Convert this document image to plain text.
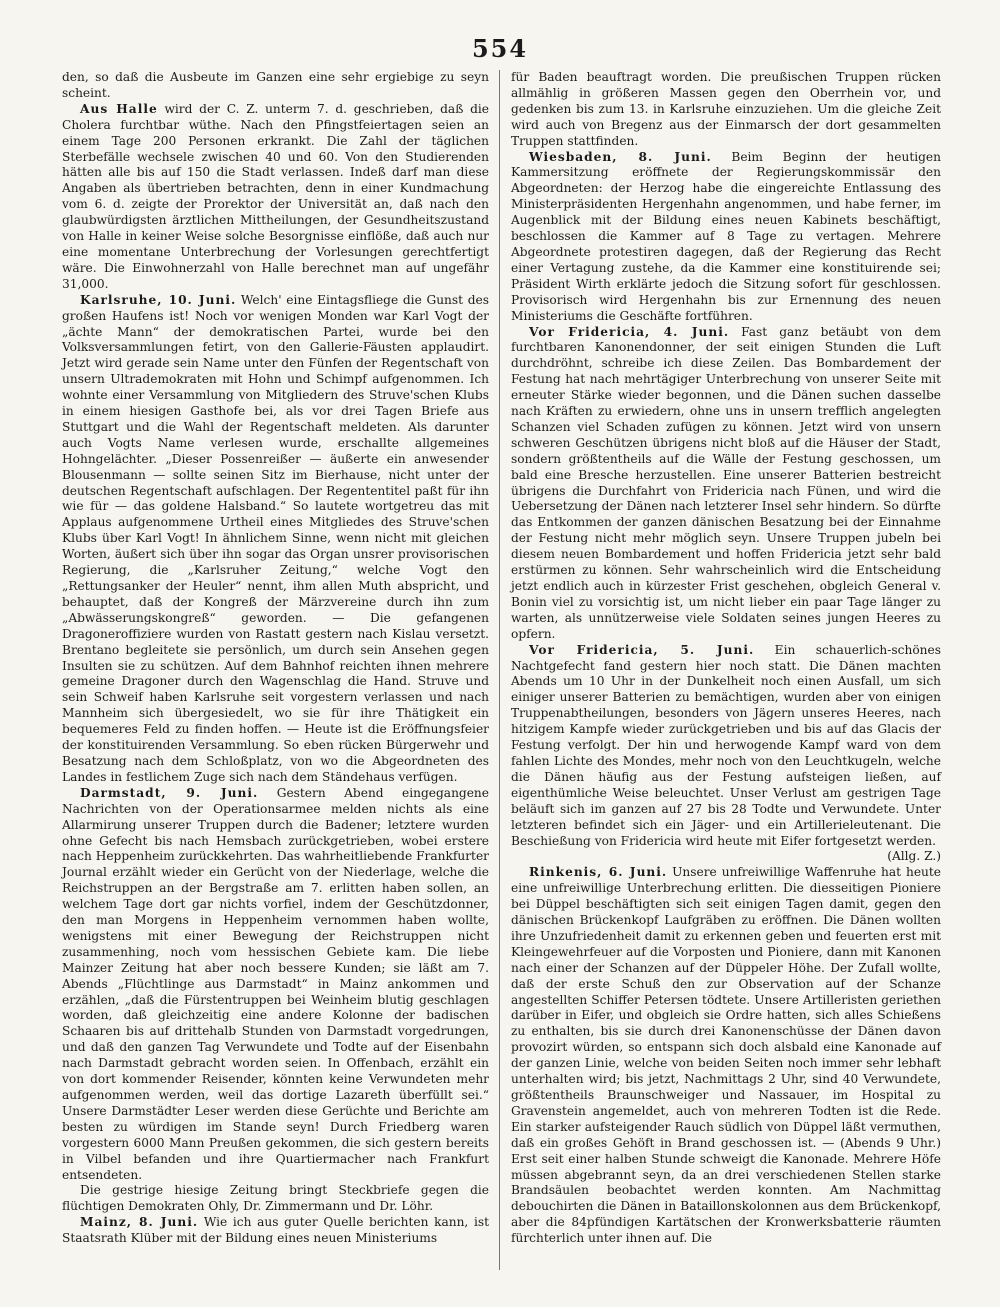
554

den, so daß die Ausbeute im Ganzen eine sehr ergiebige zu seyn scheint.

Aus Halle wird der C. Z. unterm 7. d. geschrieben, daß die Cholera furchtbar wüthe. Nach den Pfingstfeiertagen seien an einem Tage 200 Personen erkrankt. Die Zahl der täglichen Sterbefälle wechsele zwischen 40 und 60. Von den Studierenden hätten alle bis auf 150 die Stadt verlassen. Indeß darf man diese Angaben als übertrieben betrachten, denn in einer Kundmachung vom 6. d. zeigte der Prorektor der Universität an, daß nach den glaubwürdigsten ärztlichen Mittheilungen, der Gesundheitszustand von Halle in keiner Weise solche Besorgnisse einflöße, daß auch nur eine momentane Unterbrechung der Vorlesungen gerechtfertigt wäre. Die Einwohnerzahl von Halle berechnet man auf ungefähr 31,000.

Karlsruhe, 10. Juni. Welch' eine Eintagsfliege die Gunst des großen Haufens ist! Noch vor wenigen Monden war Karl Vogt der „ächte Mann“ der demokratischen Partei, wurde bei den Volksversammlungen fetirt, von den Gallerie-Fäusten applaudirt. Jetzt wird gerade sein Name unter den Fünfen der Regentschaft von unsern Ultrademokraten mit Hohn und Schimpf aufgenommen. Ich wohnte einer Versammlung von Mitgliedern des Struve'schen Klubs in einem hiesigen Gasthofe bei, als vor drei Tagen Briefe aus Stuttgart und die Wahl der Regentschaft meldeten. Als darunter auch Vogts Name verlesen wurde, erschallte allgemeines Hohngelächter. „Dieser Possenreißer — äußerte ein anwesender Blousenmann — sollte seinen Sitz im Bierhause, nicht unter der deutschen Regentschaft aufschlagen. Der Regententitel paßt für ihn wie für — das goldene Halsband.“ So lautete wortgetreu das mit Applaus aufgenommene Urtheil eines Mitgliedes des Struve'schen Klubs über Karl Vogt! In ähnlichem Sinne, wenn nicht mit gleichen Worten, äußert sich über ihn sogar das Organ unsrer provisorischen Regierung, die „Karlsruher Zeitung,“ welche Vogt den „Rettungsanker der Heuler“ nennt, ihm allen Muth abspricht, und behauptet, daß der Kongreß der Märzvereine durch ihn zum „Abwässerungskongreß“ geworden. — Die gefangenen Dragoneroffiziere wurden von Rastatt gestern nach Kislau versetzt. Brentano begleitete sie persönlich, um durch sein Ansehen gegen Insulten sie zu schützen. Auf dem Bahnhof reichten ihnen mehrere gemeine Dragoner durch den Wagenschlag die Hand. Struve und sein Schweif haben Karlsruhe seit vorgestern verlassen und nach Mannheim sich übergesiedelt, wo sie für ihre Thätigkeit ein bequemeres Feld zu finden hoffen. — Heute ist die Eröffnungsfeier der konstituirenden Versammlung. So eben rücken Bürgerwehr und Besatzung nach dem Schloßplatz, von wo die Abgeordneten des Landes in festlichem Zuge sich nach dem Ständehaus verfügen.

Darmstadt, 9. Juni. Gestern Abend eingegangene Nachrichten von der Operationsarmee melden nichts als eine Allarmirung unserer Truppen durch die Badener; letztere wurden ohne Gefecht bis nach Hemsbach zurückgetrieben, wobei erstere nach Heppenheim zurückkehrten. Das wahrheitliebende Frankfurter Journal erzählt wieder ein Gerücht von der Niederlage, welche die Reichstruppen an der Bergstraße am 7. erlitten haben sollen, an welchem Tage dort gar nichts vorfiel, indem der Geschützdonner, den man Morgens in Heppenheim vernommen haben wollte, wenigstens mit einer Bewegung der Reichstruppen nicht zusammenhing, noch vom hessischen Gebiete kam. Die liebe Mainzer Zeitung hat aber noch bessere Kunden; sie läßt am 7. Abends „Flüchtlinge aus Darmstadt“ in Mainz ankommen und erzählen, „daß die Fürstentruppen bei Weinheim blutig geschlagen worden, daß gleichzeitig eine andere Kolonne der badischen Schaaren bis auf drittehalb Stunden von Darmstadt vorgedrungen, und daß den ganzen Tag Verwundete und Todte auf der Eisenbahn nach Darmstadt gebracht worden seien. In Offenbach, erzählt ein von dort kommender Reisender, könnten keine Verwundeten mehr aufgenommen werden, weil das dortige Lazareth überfüllt sei.“ Unsere Darmstädter Leser werden diese Gerüchte und Berichte am besten zu würdigen im Stande seyn! Durch Friedberg waren vorgestern 6000 Mann Preußen gekommen, die sich gestern bereits in Vilbel befanden und ihre Quartiermacher nach Frankfurt entsendeten.

Die gestrige hiesige Zeitung bringt Steckbriefe gegen die flüchtigen Demokraten Ohly, Dr. Zimmermann und Dr. Löhr.

Mainz, 8. Juni. Wie ich aus guter Quelle berichten kann, ist Staatsrath Klüber mit der Bildung eines neuen Ministeriums

für Baden beauftragt worden. Die preußischen Truppen rücken allmählig in größeren Massen gegen den Oberrhein vor, und gedenken bis zum 13. in Karlsruhe einzuziehen. Um die gleiche Zeit wird auch von Bregenz aus der Einmarsch der dort gesammelten Truppen stattfinden.

Wiesbaden, 8. Juni. Beim Beginn der heutigen Kammersitzung eröffnete der Regierungskommissär den Abgeordneten: der Herzog habe die eingereichte Entlassung des Ministerpräsidenten Hergenhahn angenommen, und habe ferner, im Augenblick mit der Bildung eines neuen Kabinets beschäftigt, beschlossen die Kammer auf 8 Tage zu vertagen. Mehrere Abgeordnete protestiren dagegen, daß der Regierung das Recht einer Vertagung zustehe, da die Kammer eine konstituirende sei; Präsident Wirth erklärte jedoch die Sitzung sofort für geschlossen. Provisorisch wird Hergenhahn bis zur Ernennung des neuen Ministeriums die Geschäfte fortführen.

Vor Fridericia, 4. Juni. Fast ganz betäubt von dem furchtbaren Kanonendonner, der seit einigen Stunden die Luft durchdröhnt, schreibe ich diese Zeilen. Das Bombardement der Festung hat nach mehrtägiger Unterbrechung von unserer Seite mit erneuter Stärke wieder begonnen, und die Dänen suchen dasselbe nach Kräften zu erwiedern, ohne uns in unsern trefflich angelegten Schanzen viel Schaden zufügen zu können. Jetzt wird von unsern schweren Geschützen übrigens nicht bloß auf die Häuser der Stadt, sondern größtentheils auf die Wälle der Festung geschossen, um bald eine Bresche herzustellen. Eine unserer Batterien bestreicht übrigens die Durchfahrt von Fridericia nach Fünen, und wird die Uebersetzung der Dänen nach letzterer Insel sehr hindern. So dürfte das Entkommen der ganzen dänischen Besatzung bei der Einnahme der Festung nicht mehr möglich seyn. Unsere Truppen jubeln bei diesem neuen Bombardement und hoffen Fridericia jetzt sehr bald erstürmen zu können. Sehr wahrscheinlich wird die Entscheidung jetzt endlich auch in kürzester Frist geschehen, obgleich General v. Bonin viel zu vorsichtig ist, um nicht lieber ein paar Tage länger zu warten, als unnützerweise viele Soldaten seines jungen Heeres zu opfern.

Vor Fridericia, 5. Juni. Ein schauerlich-schönes Nachtgefecht fand gestern hier noch statt. Die Dänen machten Abends um 10 Uhr in der Dunkelheit noch einen Ausfall, um sich einiger unserer Batterien zu bemächtigen, wurden aber von einigen Truppenabtheilungen, besonders von Jägern unseres Heeres, nach hitzigem Kampfe wieder zurückgetrieben und bis auf das Glacis der Festung verfolgt. Der hin und herwogende Kampf ward von dem fahlen Lichte des Mondes, mehr noch von den Leuchtkugeln, welche die Dänen häufig aus der Festung aufsteigen ließen, auf eigenthümliche Weise beleuchtet. Unser Verlust am gestrigen Tage beläuft sich im ganzen auf 27 bis 28 Todte und Verwundete. Unter letzteren befindet sich ein Jäger- und ein Artillerieleutenant. Die Beschießung von Fridericia wird heute mit Eifer fortgesetzt werden.
(Allg. Z.)

Rinkenis, 6. Juni. Unsere unfreiwillige Waffenruhe hat heute eine unfreiwillige Unterbrechung erlitten. Die diesseitigen Pioniere bei Düppel beschäftigten sich seit einigen Tagen damit, gegen den dänischen Brückenkopf Laufgräben zu eröffnen. Die Dänen wollten ihre Unzufriedenheit damit zu erkennen geben und feuerten erst mit Kleingewehrfeuer auf die Vorposten und Pioniere, dann mit Kanonen nach einer der Schanzen auf der Düppeler Höhe. Der Zufall wollte, daß der erste Schuß den zur Observation auf der Schanze angestellten Schiffer Petersen tödtete. Unsere Artilleristen geriethen darüber in Eifer, und obgleich sie Ordre hatten, sich alles Schießens zu enthalten, bis sie durch drei Kanonenschüsse der Dänen davon provozirt würden, so entspann sich doch alsbald eine Kanonade auf der ganzen Linie, welche von beiden Seiten noch immer sehr lebhaft unterhalten wird; bis jetzt, Nachmittags 2 Uhr, sind 40 Verwundete, größtentheils Braunschweiger und Nassauer, im Hospital zu Gravenstein angemeldet, auch von mehreren Todten ist die Rede. Ein starker aufsteigender Rauch südlich von Düppel läßt vermuthen, daß ein großes Gehöft in Brand geschossen ist. — (Abends 9 Uhr.) Erst seit einer halben Stunde schweigt die Kanonade. Mehrere Höfe müssen abgebrannt seyn, da an drei verschiedenen Stellen starke Brandsäulen beobachtet werden konnten. Am Nachmittag debouchirten die Dänen in Bataillonskolonnen aus dem Brückenkopf, aber die 84pfündigen Kartätschen der Kronwerksbatterie räumten fürchterlich unter ihnen auf. Die
